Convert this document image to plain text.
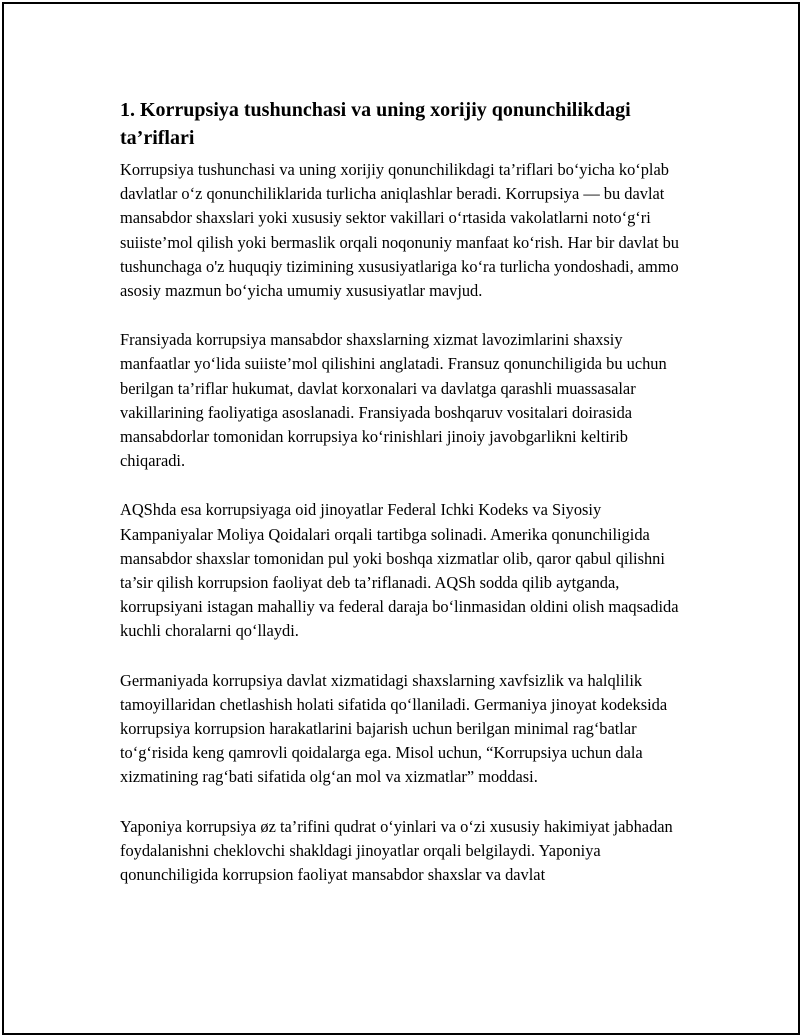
1. Korrupsiya tushunchasi va uning xorijiy qonunchilikdagi ta’riflari

Korrupsiya tushunchasi va uning xorijiy qonunchilikdagi ta’riflari bo‘yicha ko‘plab davlatlar o‘z qonunchiliklarida turlicha aniqlashlar beradi. Korrupsiya — bu davlat mansabdor shaxslari yoki xususiy sektor vakillari o‘rtasida vakolatlarni noto‘g‘ri suiiste’mol qilish yoki bermaslik orqali noqonuniy manfaat ko‘rish. Har bir davlat bu tushunchaga o'z huquqiy tizimining xususiyatlariga ko‘ra turlicha yondoshadi, ammo asosiy mazmun bo‘yicha umumiy xususiyatlar mavjud.

Fransiyada korrupsiya mansabdor shaxslarning xizmat lavozimlarini shaxsiy manfaatlar yo‘lida suiiste’mol qilishini anglatadi. Fransuz qonunchiligida bu uchun berilgan ta’riflar hukumat, davlat korxonalari va davlatga qarashli muassasalar vakillarining faoliyatiga asoslanadi. Fransiyada boshqaruv vositalari doirasida mansabdorlar tomonidan korrupsiya ko‘rinishlari jinoiy javobgarlikni keltirib chiqaradi.

AQShda esa korrupsiyaga oid jinoyatlar Federal Ichki Kodeks va Siyosiy Kampaniyalar Moliya Qoidalari orqali tartibga solinadi. Amerika qonunchiligida mansabdor shaxslar tomonidan pul yoki boshqa xizmatlar olib, qaror qabul qilishni ta’sir qilish korrupsion faoliyat deb ta’riflanadi. AQSh sodda qilib aytganda, korrupsiyani istagan mahalliy va federal daraja bo‘linmasidan oldini olish maqsadida kuchli choralarni qo‘llaydi.

Germaniyada korrupsiya davlat xizmatidagi shaxslarning xavfsizlik va halqlilik tamoyillaridan chetlashish holati sifatida qo‘llaniladi. Germaniya jinoyat kodeksida korrupsiya korrupsion harakatlarini bajarish uchun berilgan minimal rag‘batlar to‘g‘risida keng qamrovli qoidalarga ega. Misol uchun, “Korrupsiya uchun dala xizmatining rag‘bati sifatida olg‘an mol va xizmatlar” moddasi.

Yaponiya korrupsiya øz ta’rifini qudrat o‘yinlari va o‘zi xususiy hakimiyat jabhadan foydalanishni cheklovchi shakldagi jinoyatlar orqali belgilaydi. Yaponiya qonunchiligida korrupsion faoliyat mansabdor shaxslar va davlat
